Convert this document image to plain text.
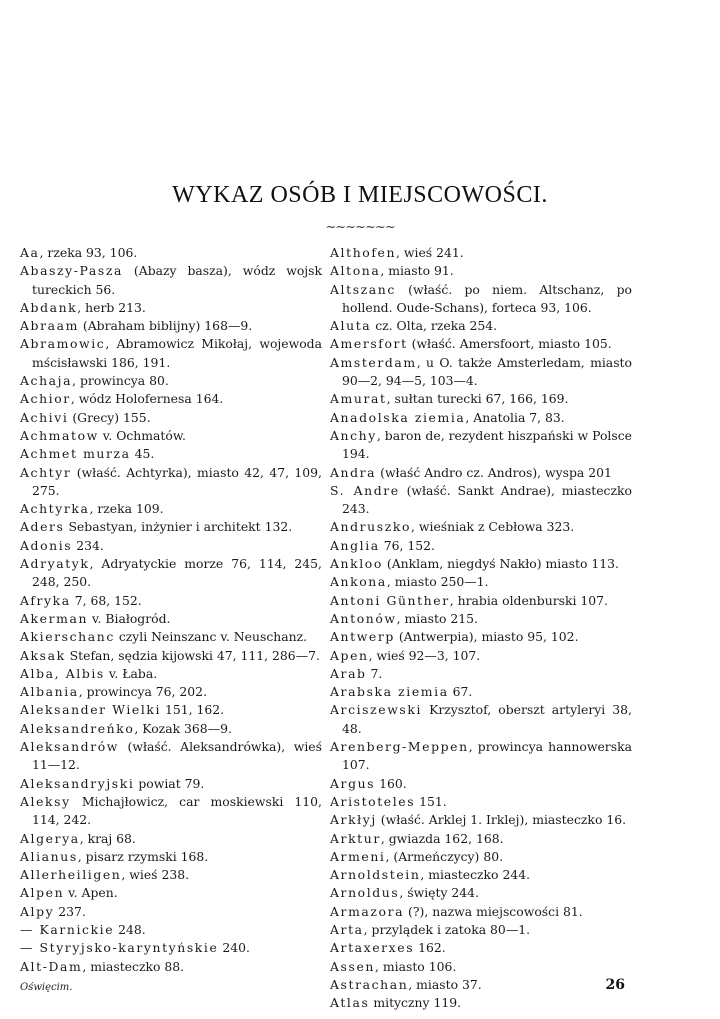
WYKAZ OSÓB I MIEJSCOWOŚCI.
~~~~~~~
Aa, rzeka 93, 106.
Abaszy-Pasza (Abazy basza), wódz wojsk tureckich 56.
Abdank, herb 213.
Abraam (Abraham biblijny) 168—9.
Abramowic, Abramowicz Mikołaj, wojewoda mścisławski 186, 191.
Achaja, prowincya 80.
Achior, wódz Holofernesa 164.
Achivi (Grecy) 155.
Achmatow v. Ochmatów.
Achmet murza 45.
Achtyr (właść. Achtyrka), miasto 42, 47, 109, 275.
Achtyrka, rzeka 109.
Aders Sebastyan, inżynier i architekt 132.
Adonis 234.
Adryatyk, Adryatyckie morze 76, 114, 245, 248, 250.
Afryka 7, 68, 152.
Akerman v. Białogród.
Akierschanc czyli Neinszanc v. Neuschanz.
Aksak Stefan, sędzia kijowski 47, 111, 286—7.
Alba, Albis v. Łaba.
Albania, prowincya 76, 202.
Aleksander Wielki 151, 162.
Aleksandreńko, Kozak 368—9.
Aleksandrów (właść. Aleksandrówka), wieś 11—12.
Aleksandryjski powiat 79.
Aleksy Michajłowicz, car moskiewski 110, 114, 242.
Algerya, kraj 68.
Alianus, pisarz rzymski 168.
Allerheiligen, wieś 238.
Alpen v. Apen.
Alpy 237.
— Karnickie 248.
— Styryjsko-karyntyńskie 240.
Alt-Dam, miasteczko 88.
Althofen, wieś 241.
Altona, miasto 91.
Altszanc (właść. po niem. Altschanz, po hollend. Oude-Schans), forteca 93, 106.
Aluta cz. Olta, rzeka 254.
Amersfort (właść. Amersfoort, miasto 105.
Amsterdam, u O. także Amsterledam, miasto 90—2, 94—5, 103—4.
Amurat, sułtan turecki 67, 166, 169.
Anadolska ziemia, Anatolia 7, 83.
Anchy, baron de, rezydent hiszpański w Polsce 194.
Andra (właść Andro cz. Andros), wyspa 201
S. Andre (właść. Sankt Andrae), miasteczko 243.
Andruszko, wieśniak z Cebłowa 323.
Anglia 76, 152.
Ankloo (Anklam, niegdyś Nakło) miasto 113.
Ankona, miasto 250—1.
Antoni Günther, hrabia oldenburski 107.
Antonów, miasto 215.
Antwerp (Antwerpia), miasto 95, 102.
Apen, wieś 92—3, 107.
Arab 7.
Arabska ziemia 67.
Arciszewski Krzysztof, oberszt artyleryi 38, 48.
Arenberg-Meppen, prowincya hannowerska 107.
Argus 160.
Aristoteles 151.
Arkłyj (właść. Arklej 1. Irklej), miasteczko 16.
Arktur, gwiazda 162, 168.
Armeni, (Armeńczycy) 80.
Arnoldstein, miasteczko 244.
Arnoldus, święty 244.
Armazora (?), nazwa miejscowości 81.
Arta, przylądek i zatoka 80—1.
Artaxerxes 162.
Assen, miasto 106.
Astrachan, miasto 37.
Atlas mityczny 119.
Oświęcim.	26
